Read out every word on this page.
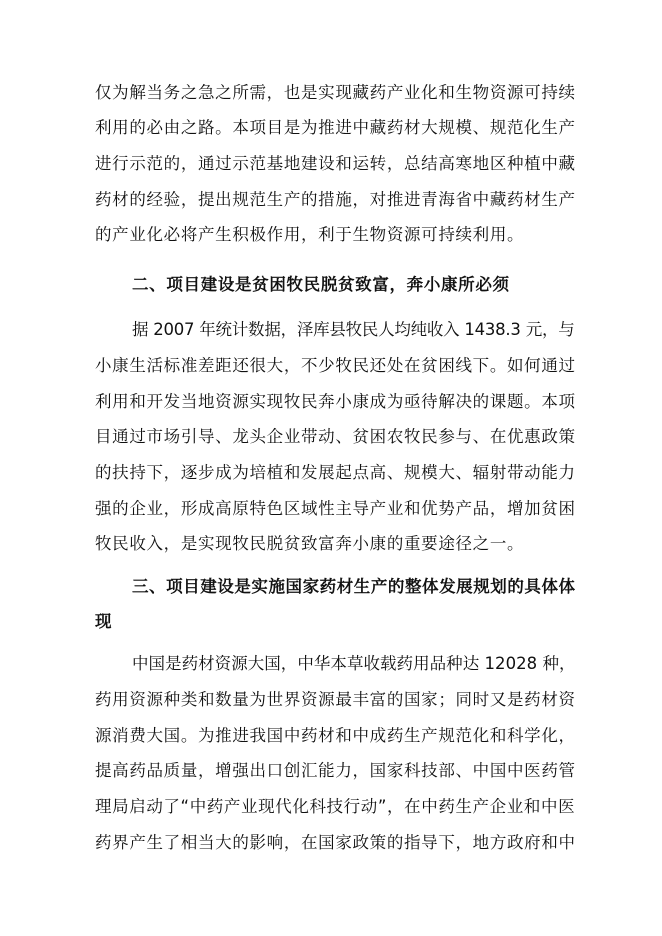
仅为解当务之急之所需，也是实现藏药产业化和生物资源可持续
利用的必由之路。本项目是为推进中藏药材大规模、规范化生产
进行示范的，通过示范基地建设和运转，总结高寒地区种植中藏
药材的经验，提出规范生产的措施，对推进青海省中藏药材生产
的产业化必将产生积极作用，利于生物资源可持续利用。
二、项目建设是贫困牧民脱贫致富，奔小康所必须
据 2007 年统计数据，泽库县牧民人均纯收入 1438.3 元，与
小康生活标准差距还很大，不少牧民还处在贫困线下。如何通过
利用和开发当地资源实现牧民奔小康成为亟待解决的课题。本项
目通过市场引导、龙头企业带动、贫困农牧民参与、在优惠政策
的扶持下，逐步成为培植和发展起点高、规模大、辐射带动能力
强的企业，形成高原特色区域性主导产业和优势产品，增加贫困
牧民收入，是实现牧民脱贫致富奔小康的重要途径之一。
三、项目建设是实施国家药材生产的整体发展规划的具体体
现
中国是药材资源大国，中华本草收载药用品种达 12028 种，
药用资源种类和数量为世界资源最丰富的国家；同时又是药材资
源消费大国。为推进我国中药材和中成药生产规范化和科学化，
提高药品质量，增强出口创汇能力，国家科技部、中国中医药管
理局启动了“中药产业现代化科技行动”，在中药生产企业和中医
药界产生了相当大的影响，在国家政策的指导下，地方政府和中
